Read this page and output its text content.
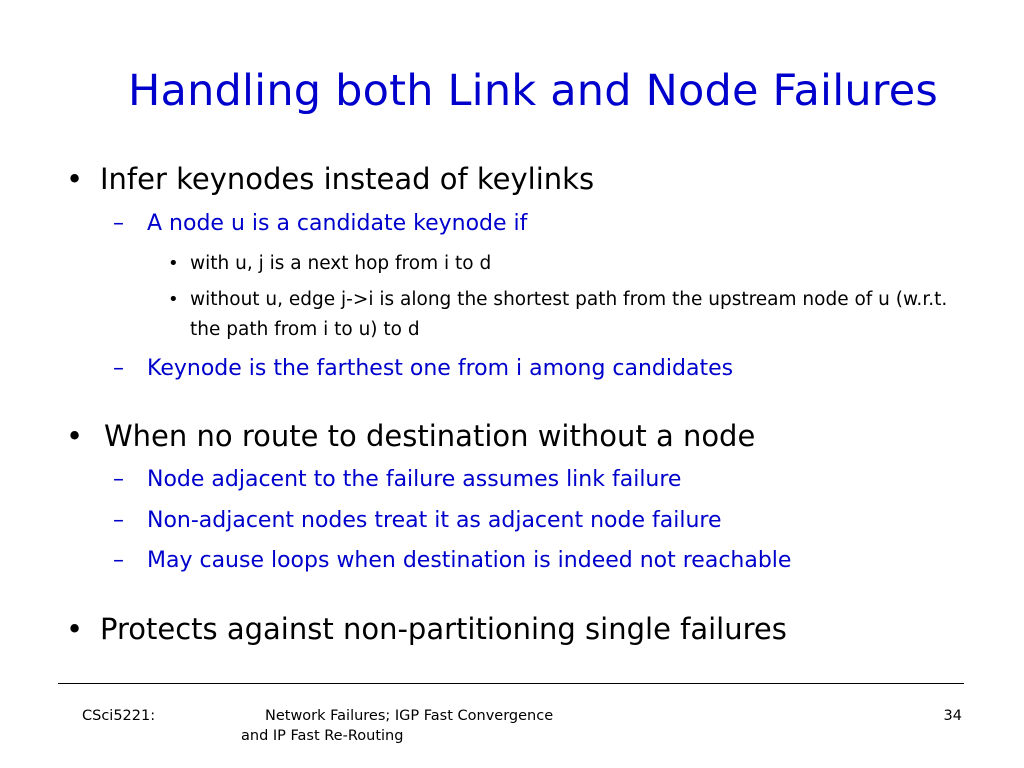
Handling both Link and Node Failures
• Infer keynodes instead of keylinks
– A node u is a candidate keynode if
• with u, j is a next hop from i to d
• without u, edge j->i is along the shortest path from the upstream node of u (w.r.t. the path from i to u) to d
– Keynode is the farthest one from i among candidates
• When no route to destination without a node
– Node adjacent to the failure assumes link failure
– Non-adjacent nodes treat it as adjacent node failure
– May cause loops when destination is indeed not reachable
• Protects against non-partitioning single failures
CSci5221:	Network Failures; IGP Fast Convergence
and IP Fast Re-Routing
34
